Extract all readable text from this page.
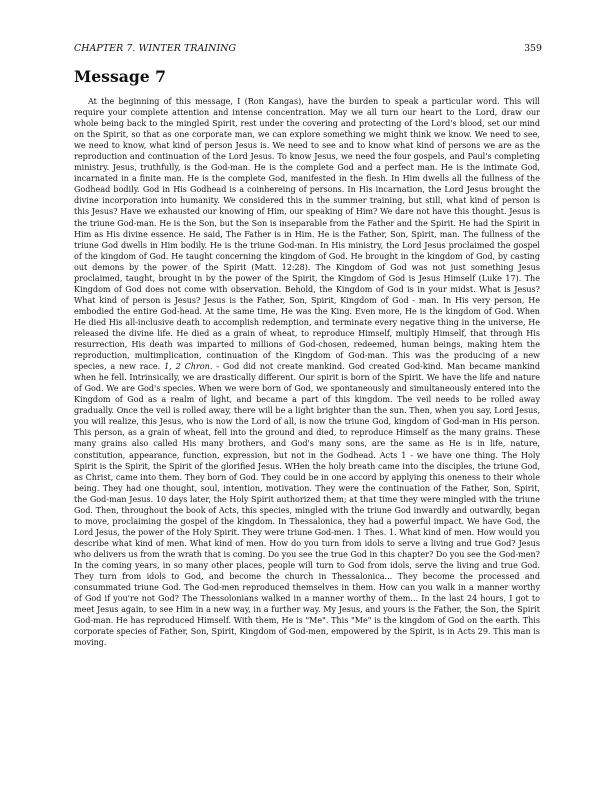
CHAPTER 7. WINTER TRAINING	359
Message 7

At the beginning of this message, I (Ron Kangas), have the burden to speak a particular word. This will require your complete attention and intense concentration. May we all turn our heart to the Lord, draw our whole being back to the mingled Spirit, rest under the covering and protecting of the Lord's blood, set our mind on the Spirit, so that as one corporate man, we can explore something we might think we know. We need to see, we need to know, what kind of person Jesus is. We need to see and to know what kind of persons we are as the reproduction and continuation of the Lord Jesus. To know Jesus, we need the four gospels, and Paul's completing ministry. Jesus, truthfully, is the God-man. He is the complete God and a perfect man. He is the intimate God, incarnated in a finite man. He is the complete God, manifested in the flesh. In Him dwells all the fullness of the Godhead bodily. God in His Godhead is a coinhereing of persons. In His incarnation, the Lord Jesus brought the divine incorporation into humanity. We considered this in the summer training, but still, what kind of person is this Jesus? Have we exhausted our knowing of Him, our speaking of Him? We dare not have this thought. Jesus is the triune God-man. He is the Son, but the Son is inseparable from the Father and the Spirit. He had the Spirit in Him as His divine essence. He said, The Father is in Him. He is the Father, Son, Spirit, man. The fullness of the triune God dwells in Him bodily. He is the triune God-man. In His ministry, the Lord Jesus proclaimed the gospel of the kingdom of God. He taught concerning the kingdom of God. He brought in the kingdom of God, by casting out demons by the power of the Spirit (Matt. 12:28). The Kingdom of God was not just something Jesus proclaimed, taught, brought in by the power of the Spirit, the Kingdom of God is Jesus Himself (Luke 17). The Kingdom of God does not come with observation. Behold, the Kingdom of God is in your midst. What is Jesus? What kind of person is Jesus? Jesus is the Father, Son, Spirit, Kingdom of God - man. In His very person, He embodied the entire God-head. At the same time, He was the King. Even more, He is the kingdom of God. When He died His all-inclusive death to accomplish redemption, and terminate every negative thing in the universe, He released the divine life. He died as a grain of wheat, to reproduce Himself, multiply Himself, that through His resurrection, His death was imparted to millions of God-chosen, redeemed, human beings, making htem the reproduction, multimplication, continuation of the Kingdom of God-man. This was the producing of a new species, a new race. 1, 2 Chron. - God did not create mankind. God created God-kind. Man became mankind when he fell. Intrinsically, we are drastically different. Our spirit is born of the Spirit. We have the life and nature of God. We are God's species. When we were born of God, we spontaneously and simultaneously entered into the Kingdom of God as a realm of light, and became a part of this kingdom. The veil needs to be rolled away gradually. Once the veil is rolled away, there will be a light brighter than the sun. Then, when you say, Lord Jesus, you will realize, this Jesus, who is now the Lord of all, is now the triune God, kingdom of God-man in His person. This person, as a grain of wheat, fell into the ground and died, to reproduce Himself as the many grains. These many grains also called His many brothers, and God's many sons, are the same as He is in life, nature, constitution, appearance, function, expression, but not in the Godhead. Acts 1 - we have one thing. The Holy Spirit is the Spirit, the Spirit of the glorified Jesus. WHen the holy breath came into the disciples, the triune God, as Christ, came into them. They born of God. They could be in one accord by applying this oneness to their whole being. They had one thought, soul, intention, motivation. They were the continuation of the Father, Son, Spirit, the God-man Jesus. 10 days later, the Holy Spirit authorized them; at that time they were mingled with the triune God. Then, throughout the book of Acts, this species, mingled with the triune God inwardly and outwardly, began to move, proclaiming the gospel of the kingdom. In Thessalonica, they had a powerful impact. We have God, the Lord Jesus, the power of the Holy Spirit. They were triune God-men. 1 Thes. 1. What kind of men. How would you describe what kind of men. What kind of men. How do you turn from idols to serve a living and true God? Jesus who delivers us from the wrath that is coming. Do you see the true God in this chapter? Do you see the God-men? In the coming years, in so many other places, people will turn to God from idols, serve the living and true God. They turn from idols to God, and become the church in Thessalonica... They become the processed and consummated triune God. The God-men reproduced themselves in them. How can you walk in a manner worthy of God if you're not God? The Thessolonians walked in a manner worthy of them... In the last 24 hours, I got to meet Jesus again, to see Him in a new way, in a further way. My Jesus, and yours is the Father, the Son, the Spirit God-man. He has reproduced Himself. With them, He is "Me". This "Me" is the kingdom of God on the earth. This corporate species of Father, Son, Spirit, Kingdom of God-men, empowered by the Spirit, is in Acts 29. This man is moving.
